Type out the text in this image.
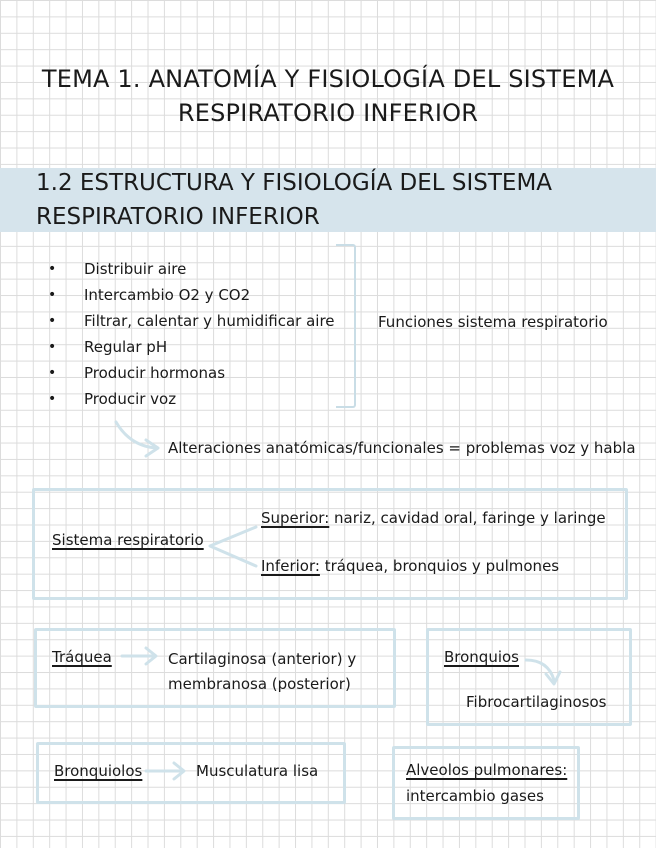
TEMA 1. ANATOMÍA Y FISIOLOGÍA DEL SISTEMA
RESPIRATORIO INFERIOR
1.2 ESTRUCTURA Y FISIOLOGÍA DEL SISTEMA
RESPIRATORIO INFERIOR
• Distribuir aire
• Intercambio O2 y CO2
• Filtrar, calentar y humidificar aire
• Regular pH
• Producir hormonas
• Producir voz
Funciones sistema respiratorio
Alteraciones anatómicas/funcionales = problemas voz y habla
Sistema respiratorio
Superior: nariz, cavidad oral, faringe y laringe
Inferior: tráquea, bronquios y pulmones
Tráquea	Cartilaginosa (anterior) y
membranosa (posterior)
Bronquios
Fibrocartilaginosos
Bronquiolos	Musculatura lisa	Alveolos pulmonares:
intercambio gases
